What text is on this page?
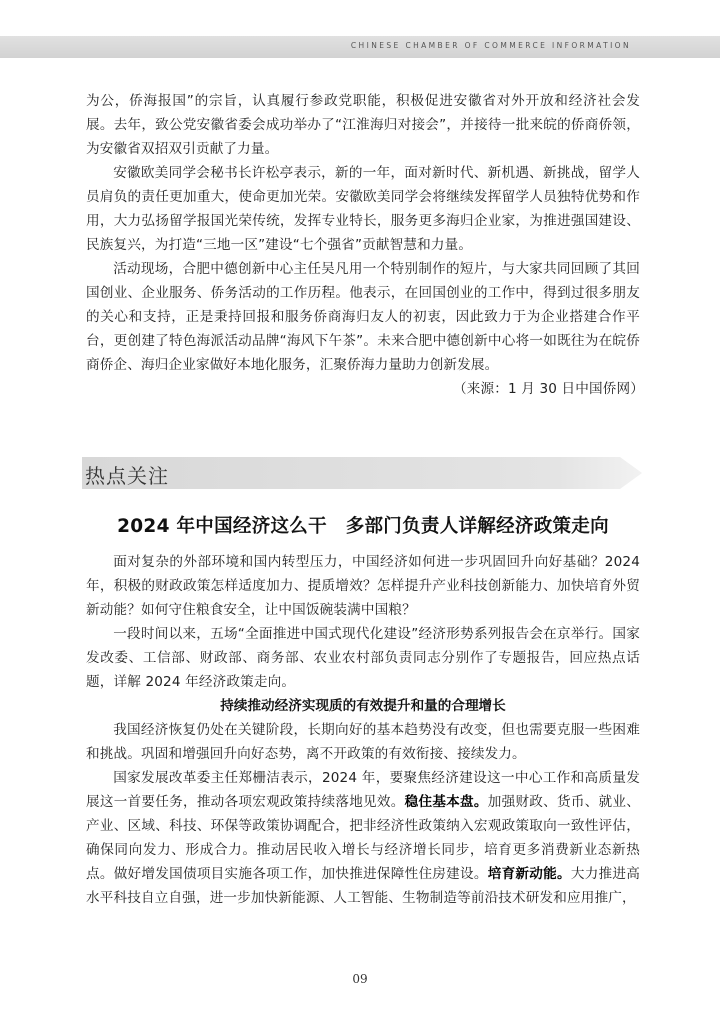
CHINESE CHAMBER OF COMMERCE INFORMATION

为公，侨海报国”的宗旨，认真履行参政党职能，积极促进安徽省对外开放和经济社会发展。去年，致公党安徽省委会成功举办了“江淮海归对接会”，并接待一批来皖的侨商侨领，为安徽省双招双引贡献了力量。

安徽欧美同学会秘书长许松亭表示，新的一年，面对新时代、新机遇、新挑战，留学人员肩负的责任更加重大，使命更加光荣。安徽欧美同学会将继续发挥留学人员独特优势和作用，大力弘扬留学报国光荣传统，发挥专业特长，服务更多海归企业家，为推进强国建设、民族复兴，为打造“三地一区”建设“七个强省”贡献智慧和力量。

活动现场，合肥中德创新中心主任吴凡用一个特别制作的短片，与大家共同回顾了其回国创业、企业服务、侨务活动的工作历程。他表示，在回国创业的工作中，得到过很多朋友的关心和支持，正是秉持回报和服务侨商海归友人的初衷，因此致力于为企业搭建合作平台，更创建了特色海派活动品牌“海风下午茶”。未来合肥中德创新中心将一如既往为在皖侨商侨企、海归企业家做好本地化服务，汇聚侨海力量助力创新发展。

（来源：1 月 30 日中国侨网）
热点关注
2024 年中国经济这么干　多部门负责人详解经济政策走向

面对复杂的外部环境和国内转型压力，中国经济如何进一步巩固回升向好基础？2024 年，积极的财政政策怎样适度加力、提质增效？怎样提升产业科技创新能力、加快培育外贸新动能？如何守住粮食安全，让中国饭碗装满中国粮？

一段时间以来，五场“全面推进中国式现代化建设”经济形势系列报告会在京举行。国家发改委、工信部、财政部、商务部、农业农村部负责同志分别作了专题报告，回应热点话题，详解 2024 年经济政策走向。

持续推动经济实现质的有效提升和量的合理增长

我国经济恢复仍处在关键阶段，长期向好的基本趋势没有改变，但也需要克服一些困难和挑战。巩固和增强回升向好态势，离不开政策的有效衔接、接续发力。

国家发展改革委主任郑栅洁表示，2024 年，要聚焦经济建设这一中心工作和高质量发展这一首要任务，推动各项宏观政策持续落地见效。稳住基本盘。加强财政、货币、就业、产业、区域、科技、环保等政策协调配合，把非经济性政策纳入宏观政策取向一致性评估，确保同向发力、形成合力。推动居民收入增长与经济增长同步，培育更多消费新业态新热点。做好增发国债项目实施各项工作，加快推进保障性住房建设。培育新动能。大力推进高水平科技自立自强，进一步加快新能源、人工智能、生物制造等前沿技术研发和应用推广，

09
